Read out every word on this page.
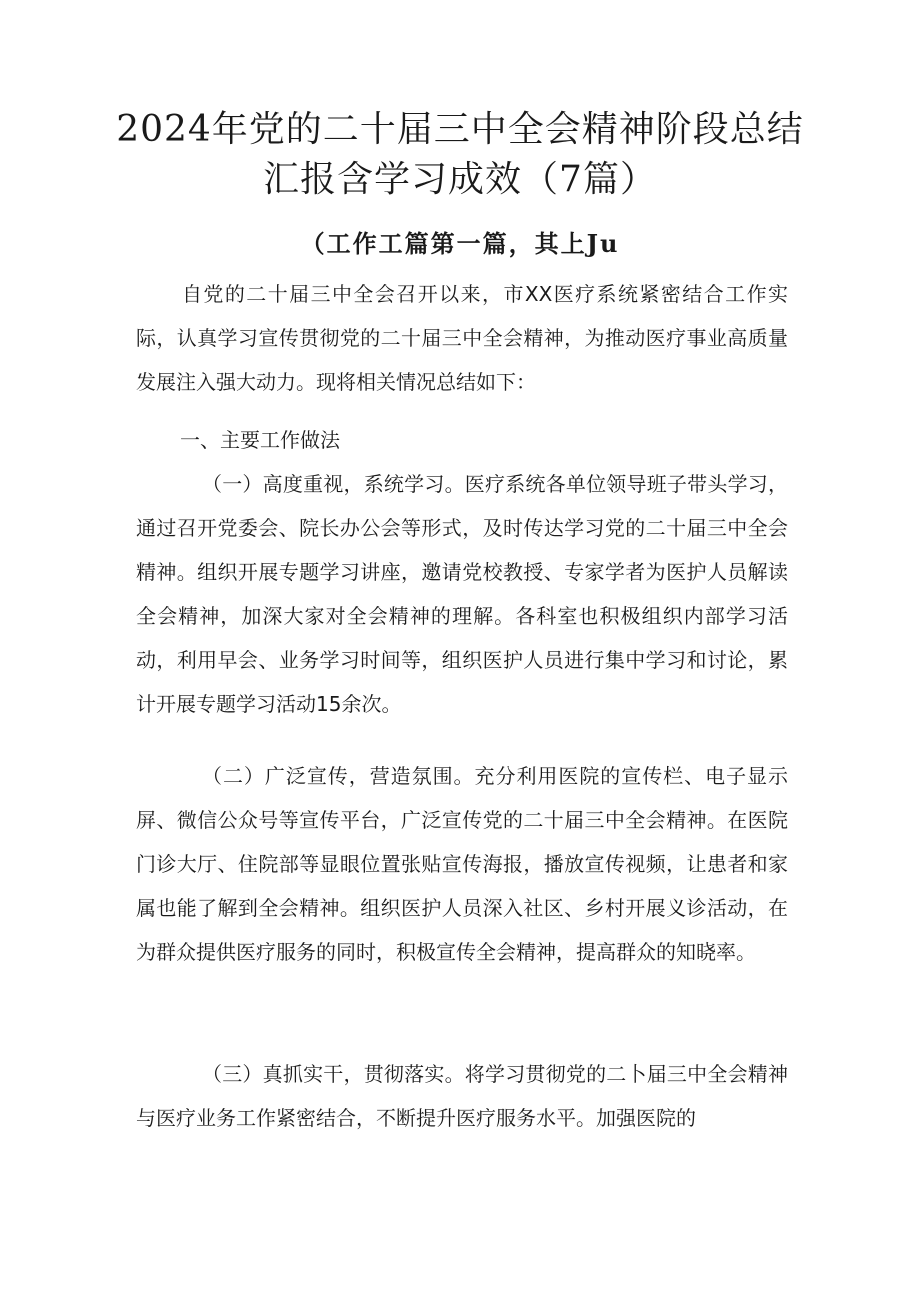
2024年党的二十届三中全会精神阶段总结
汇报含学习成效（7篇）

（工作工篇第一篇，其上Ju

自党的二十届三中全会召开以来，市XX医疗系统紧密结合工作实际，认真学习宣传贯彻党的二十届三中全会精神，为推动医疗事业高质量发展注入强大动力。现将相关情况总结如下：

一、主要工作做法

（一）高度重视，系统学习。医疗系统各单位领导班子带头学习，通过召开党委会、院长办公会等形式，及时传达学习党的二十届三中全会精神。组织开展专题学习讲座，邀请党校教授、专家学者为医护人员解读全会精神，加深大家对全会精神的理解。各科室也积极组织内部学习活动，利用早会、业务学习时间等，组织医护人员进行集中学习和讨论，累计开展专题学习活动15余次。

（二）广泛宣传，营造氛围。充分利用医院的宣传栏、电子显示屏、微信公众号等宣传平台，广泛宣传党的二十届三中全会精神。在医院门诊大厅、住院部等显眼位置张贴宣传海报，播放宣传视频，让患者和家属也能了解到全会精神。组织医护人员深入社区、乡村开展义诊活动，在为群众提供医疗服务的同时，积极宣传全会精神，提高群众的知晓率。

（三）真抓实干，贯彻落实。将学习贯彻党的二卜届三中全会精神与医疗业务工作紧密结合，不断提升医疗服务水平。加强医院的
